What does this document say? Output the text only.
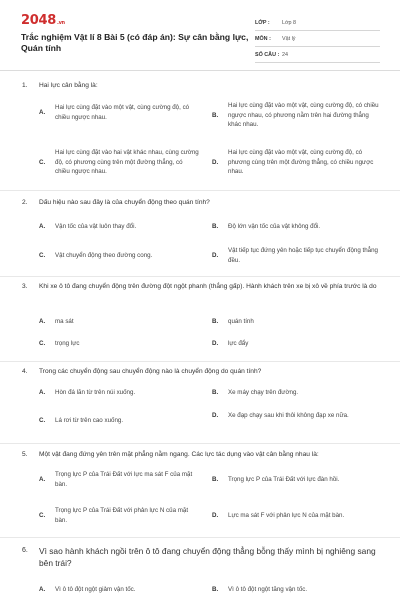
2048.vn
Trắc nghiệm Vật lí 8 Bài 5 (có đáp án): Sự cân bằng lực, Quán tính
LỚP :	Lớp 8
MÔN :	Vật lý
SỐ CÂU : 24
1.	Hai lực cân bằng là:
A.
Hai lực cùng đặt vào một vật, cùng cường độ, có chiều ngược nhau.	B.
Hai lực cùng đặt vào một vật, cùng cường độ, có chiều ngược nhau, có phương nằm trên hai đường thẳng khác nhau.
C.
Hai lực cùng đặt vào hai vật khác nhau, cùng cường độ, có phương cùng trên một đường thẳng, có chiều ngược nhau.
D.
Hai lực cùng đặt vào một vật, cùng cường độ, có phương cùng trên một đường thẳng, có chiều ngược nhau.
2.	Dấu hiệu nào sau đây là của chuyển động theo quán tính?
A.	Vận tốc của vật luôn thay đổi.	B.	Độ lớn vận tốc của vật không đổi.
C.	Vật chuyển động theo đường cong.	D.
Vật tiếp tục đứng yên hoặc tiếp tục chuyển động thẳng đều.
3.	Khi xe ô tô đang chuyển động trên đường đột ngột phanh (thắng gấp). Hành khách trên xe bị xô về phía trước là do
A.	ma sát	B.	quán tính
C.	trọng lực	D.	lực đẩy
4.	Trong các chuyển động sau chuyển động nào là chuyển động do quán tính?
A.	Hòn đá lăn từ trên núi xuống.	B.	Xe máy chạy trên đường.
C.	Lá rơi từ trên cao xuống.
D.	Xe đạp chạy sau khi thôi không đạp xe nữa.
5.	Một vật đang đứng yên trên mặt phẳng nằm ngang. Các lực tác dụng vào vật cân bằng nhau là:
A.
Trọng lực P của Trái Đất với lực ma sát F của mặt bàn.
B.	Trọng lực P của Trái Đất với lực đàn hồi.
C.
Trọng lực P của Trái Đất với phản lực N của mặt bàn.
D.	Lực ma sát F với phản lực N của mặt bàn.
6.	Vì sao hành khách ngồi trên ô tô đang chuyển động thẳng bỗng thấy mình bị nghiêng sang bên trái?
A.	Vì ô tô đột ngột giảm vận tốc.	B.	Vì ô tô đột ngột tăng vận tốc.
